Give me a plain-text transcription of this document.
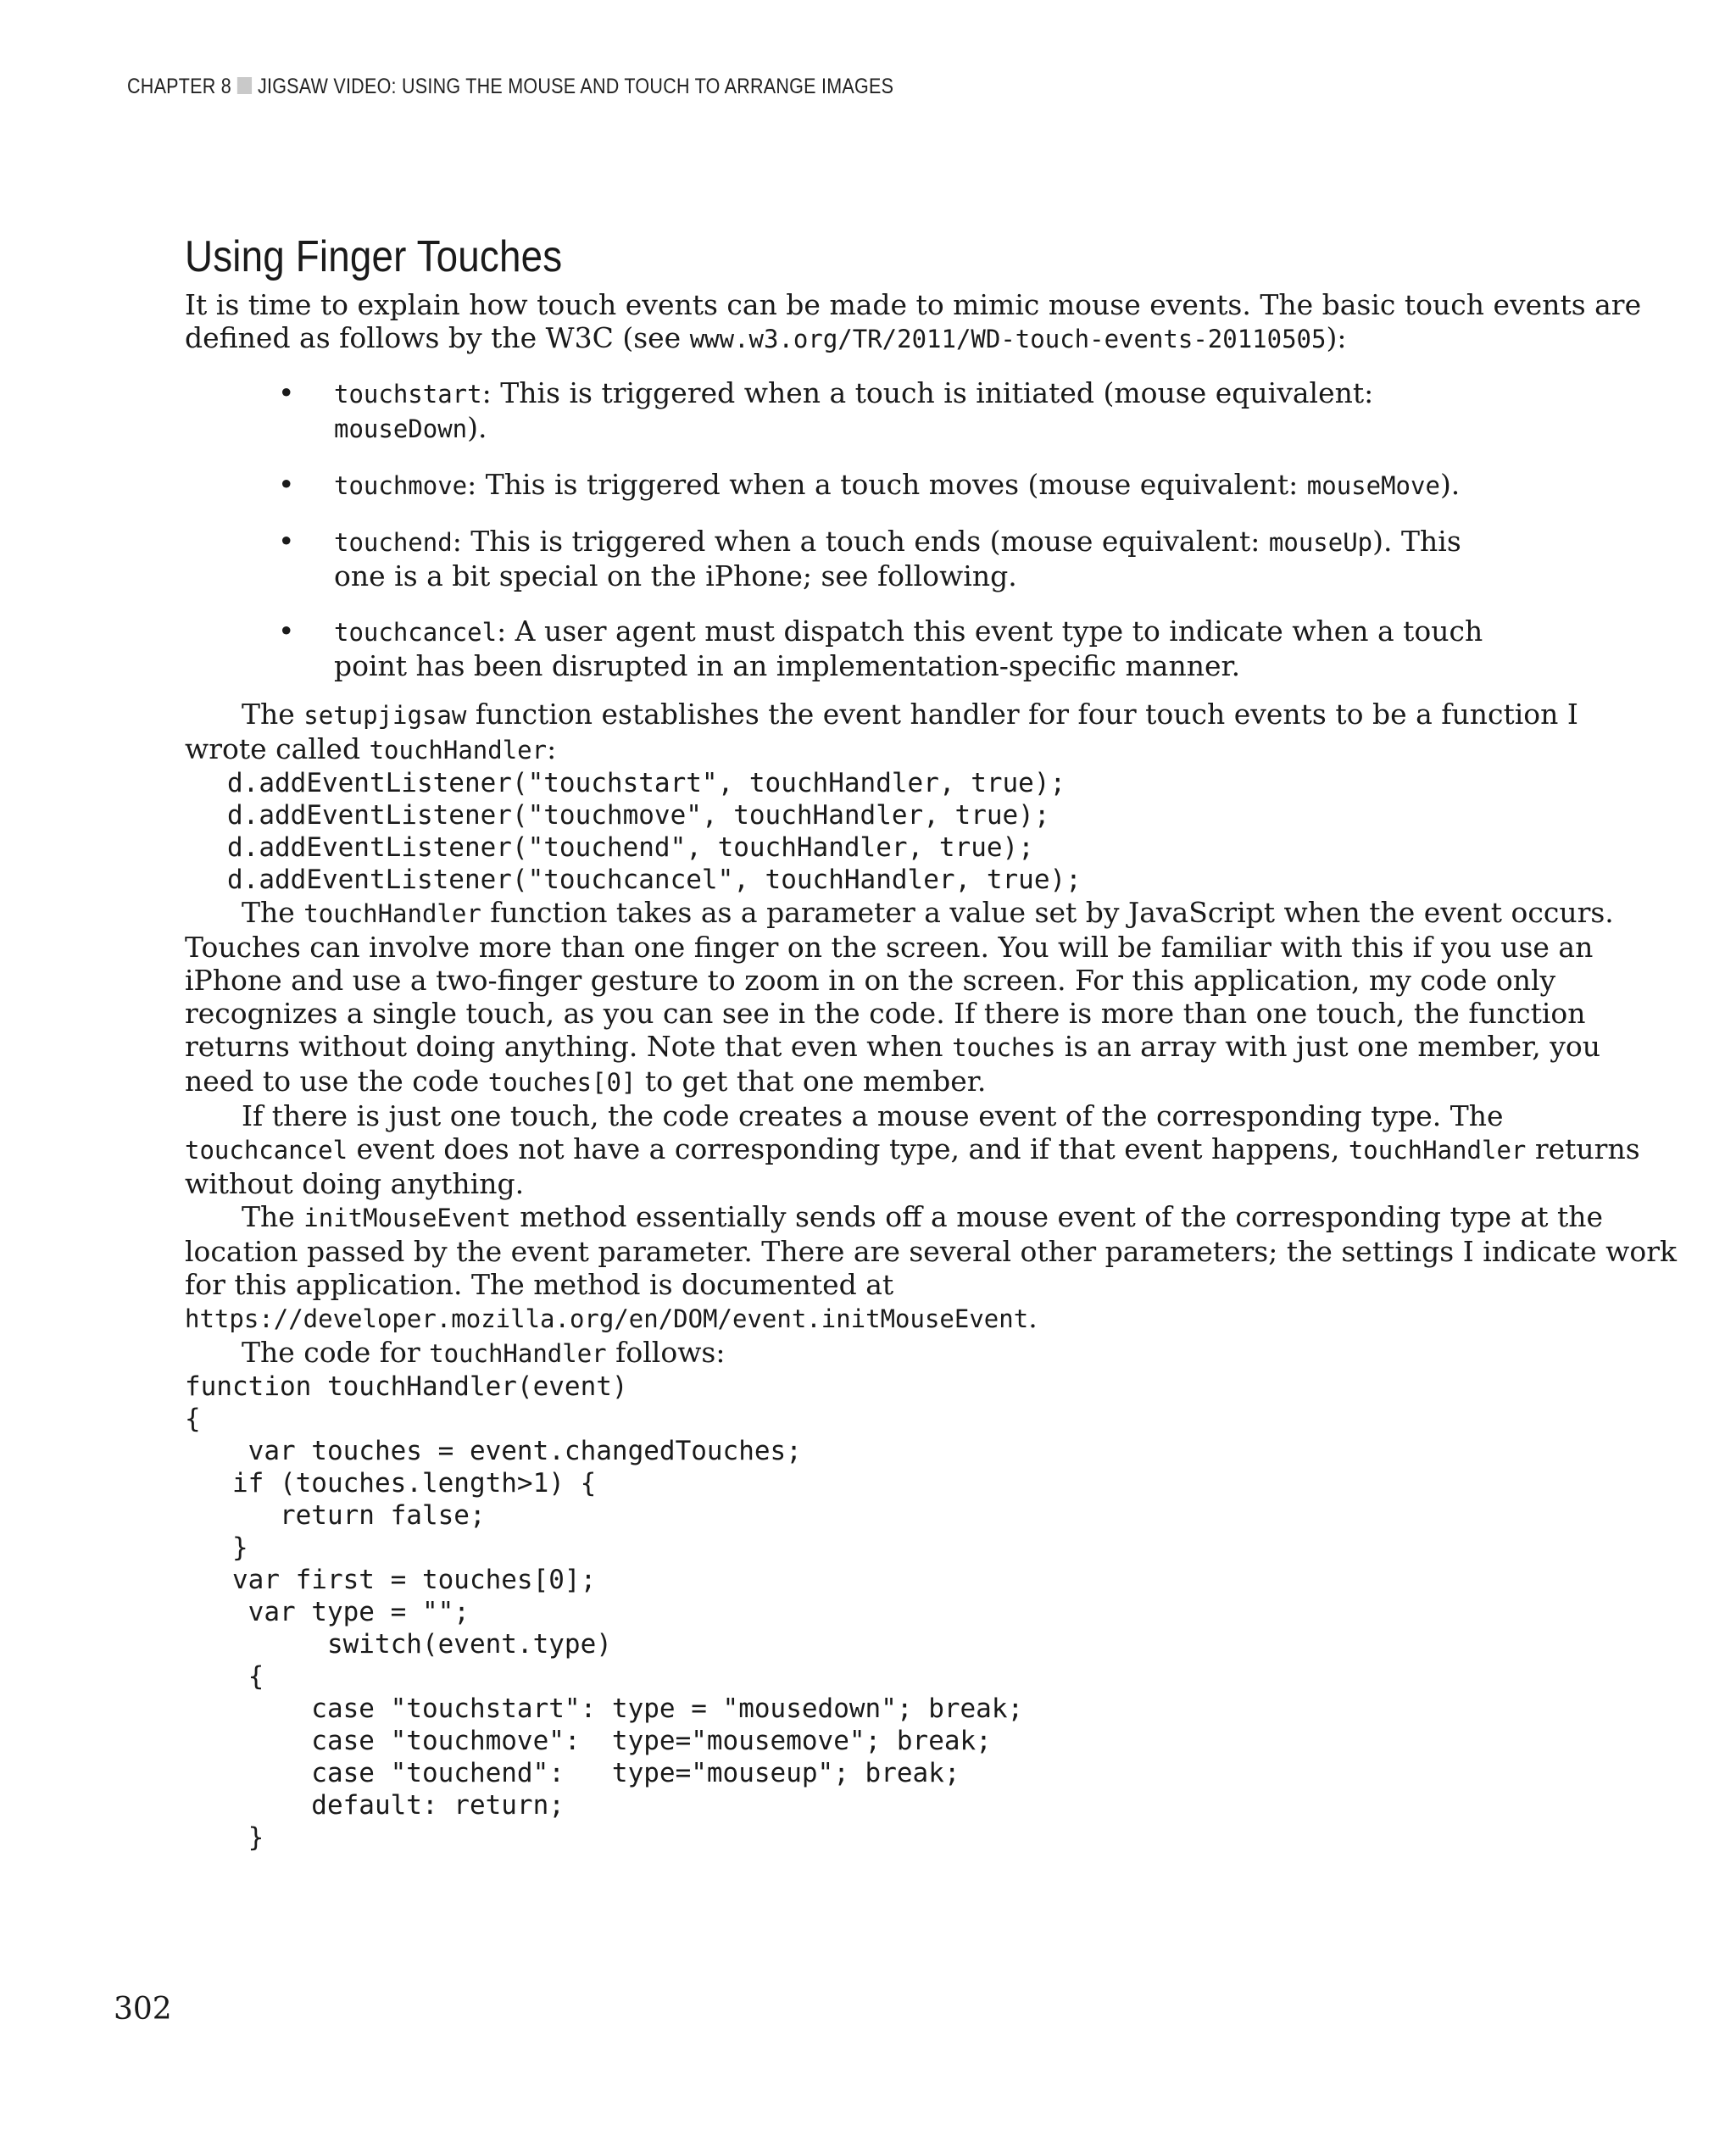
CHAPTER 8 JIGSAW VIDEO: USING THE MOUSE AND TOUCH TO ARRANGE IMAGES
Using Finger Touches

It is time to explain how touch events can be made to mimic mouse events. The basic touch events are
defined as follows by the W3C (see www.w3.org/TR/2011/WD-touch-events-20110505):

• touchstart: This is triggered when a touch is initiated (mouse equivalent:
mouseDown).
• touchmove: This is triggered when a touch moves (mouse equivalent: mouseMove).
• touchend: This is triggered when a touch ends (mouse equivalent: mouseUp). This
one is a bit special on the iPhone; see following.
• touchcancel: A user agent must dispatch this event type to indicate when a touch
point has been disrupted in an implementation-specific manner.

The setupjigsaw function establishes the event handler for four touch events to be a function I
wrote called touchHandler:

d.addEventListener("touchstart", touchHandler, true);
d.addEventListener("touchmove", touchHandler, true);
d.addEventListener("touchend", touchHandler, true);
d.addEventListener("touchcancel", touchHandler, true);

The touchHandler function takes as a parameter a value set by JavaScript when the event occurs.
Touches can involve more than one finger on the screen. You will be familiar with this if you use an
iPhone and use a two-finger gesture to zoom in on the screen. For this application, my code only
recognizes a single touch, as you can see in the code. If there is more than one touch, the function
returns without doing anything. Note that even when touches is an array with just one member, you
need to use the code touches[0] to get that one member.

If there is just one touch, the code creates a mouse event of the corresponding type. The
touchcancel event does not have a corresponding type, and if that event happens, touchHandler returns
without doing anything.

The initMouseEvent method essentially sends off a mouse event of the corresponding type at the
location passed by the event parameter. There are several other parameters; the settings I indicate work
for this application. The method is documented at
https://developer.mozilla.org/en/DOM/event.initMouseEvent.

The code for touchHandler follows:

function touchHandler(event)
{
var touches = event.changedTouches;
if (touches.length>1) {
return false;
}
var first = touches[0];
var type = "";
switch(event.type)
{
case "touchstart": type = "mousedown"; break;
case "touchmove":  type="mousemove"; break;
case "touchend":   type="mouseup"; break;
default: return;
}
302
